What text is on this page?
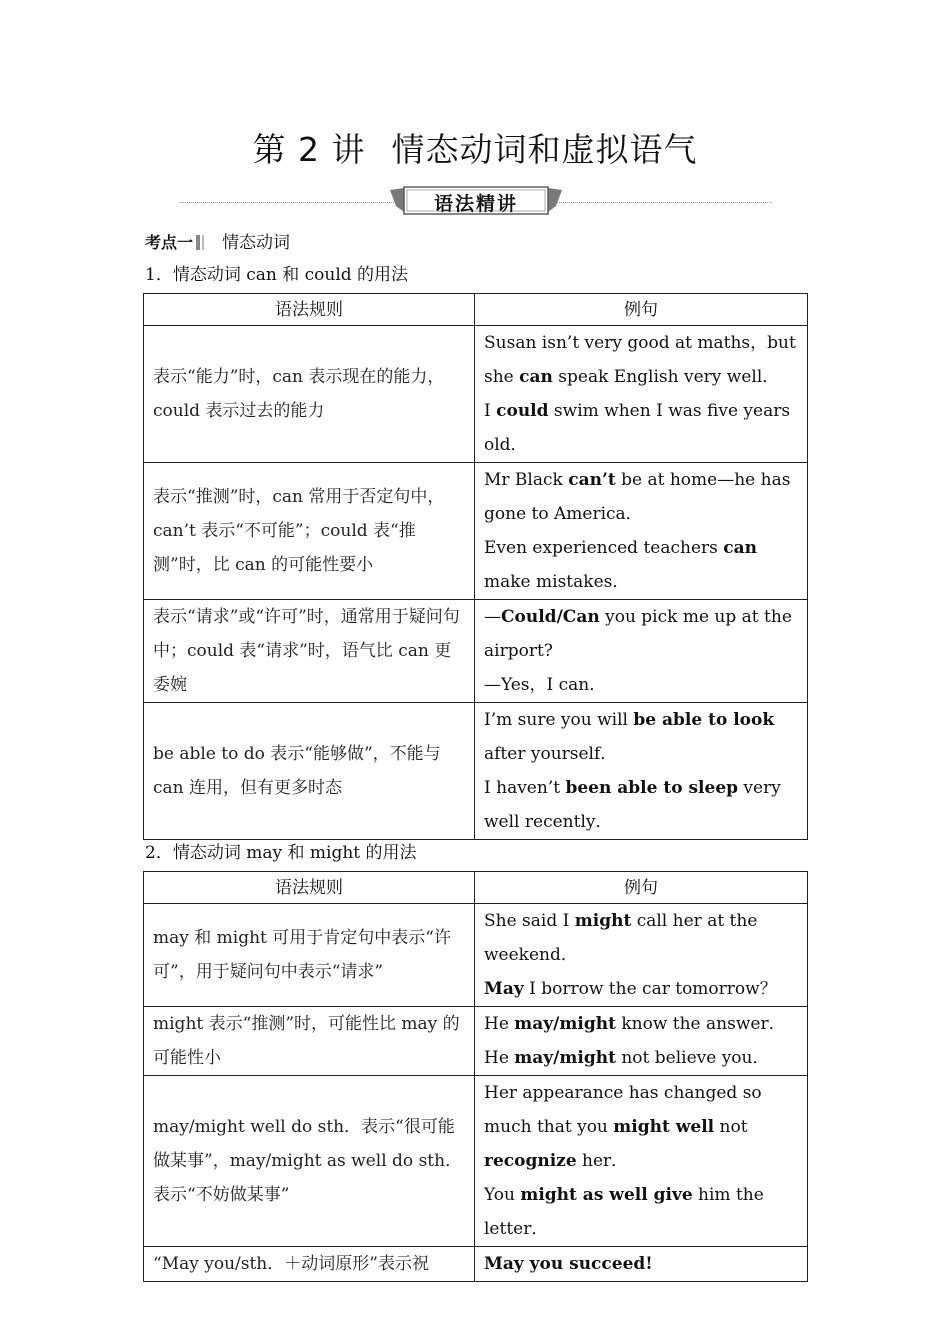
第 2 讲 情态动词和虚拟语气
语法精讲
考点一 情态动词
1．情态动词 can 和 could 的用法
语法规则	例句
表示“能力”时，can 表示现在的能力，could 表示过去的能力	Susan isn’t very good at maths，but she can speak English very well．
I could swim when I was five years old．

表示“推测”时，can 常用于否定句中，can’t 表示“不可能”；could 表“推测”时，比 can 的可能性要小	Mr Black can’t be at home—he has gone to America．
Even experienced teachers can make mistakes．

表示“请求”或“许可”时，通常用于疑问句中；could 表“请求”时，语气比 can 更委婉	—Could/Can you pick me up at the airport?
—Yes，I can．

be able to do 表示“能够做”，不能与 can 连用，但有更多时态	I’m sure you will be able to look after yourself．
I haven’t been able to sleep very well recently．
2．情态动词 may 和 might 的用法
语法规则	例句
may 和 might 可用于肯定句中表示“许可”，用于疑问句中表示“请求”	She said I might call her at the weekend．
May I borrow the car tomorrow？

might 表示“推测”时，可能性比 may 的可能性小	He may/might know the answer．
He may/might not believe you．

may/might well do sth．表示“很可能做某事”，may/might as well do sth．表示“不妨做某事”	Her appearance has changed so much that you might well not recognize her．
You might as well give him the letter．

“May you/sth．＋动词原形”表示祝	May you succeed!
